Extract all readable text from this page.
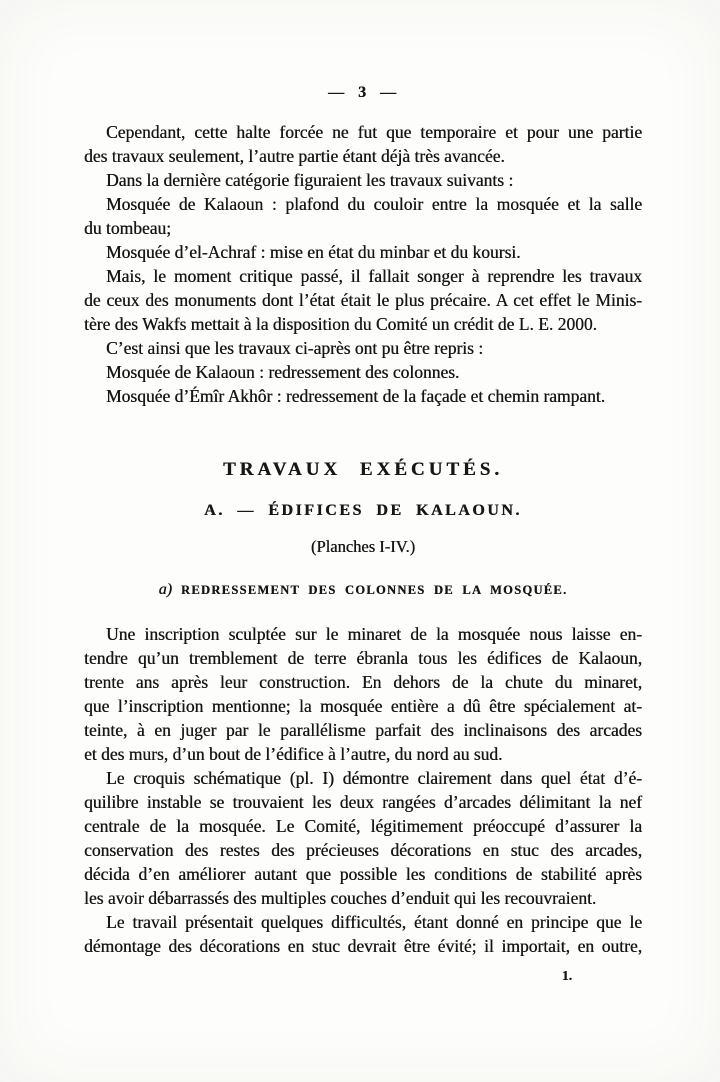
— 3 —
Cependant, cette halte forcée ne fut que temporaire et pour une partie
des travaux seulement, l’autre partie étant déjà très avancée.
Dans la dernière catégorie figuraient les travaux suivants :
Mosquée de Kalaoun : plafond du couloir entre la mosquée et la salle
du tombeau;
Mosquée d’el-Achraf : mise en état du minbar et du koursi.
Mais, le moment critique passé, il fallait songer à reprendre les travaux
de ceux des monuments dont l’état était le plus précaire. A cet effet le Minis-
tère des Wakfs mettait à la disposition du Comité un crédit de L. E. 2000.
C’est ainsi que les travaux ci-après ont pu être repris :
Mosquée de Kalaoun : redressement des colonnes.
Mosquée d’Émîr Akhôr : redressement de la façade et chemin rampant.
TRAVAUX EXÉCUTÉS.
A. — ÉDIFICES DE KALAOUN.
(Planches I-IV.)
a) REDRESSEMENT DES COLONNES DE LA MOSQUÉE.
Une inscription sculptée sur le minaret de la mosquée nous laisse en-
tendre qu’un tremblement de terre ébranla tous les édifices de Kalaoun,
trente ans après leur construction. En dehors de la chute du minaret,
que l’inscription mentionne; la mosquée entière a dû être spécialement at-
teinte, à en juger par le parallélisme parfait des inclinaisons des arcades
et des murs, d’un bout de l’édifice à l’autre, du nord au sud.
Le croquis schématique (pl. I) démontre clairement dans quel état d’é-
quilibre instable se trouvaient les deux rangées d’arcades délimitant la nef
centrale de la mosquée. Le Comité, légitimement préoccupé d’assurer la
conservation des restes des précieuses décorations en stuc des arcades,
décida d’en améliorer autant que possible les conditions de stabilité après
les avoir débarrassés des multiples couches d’enduit qui les recouvraient.
Le travail présentait quelques difficultés, étant donné en principe que le
démontage des décorations en stuc devrait être évité; il importait, en outre,
1.
